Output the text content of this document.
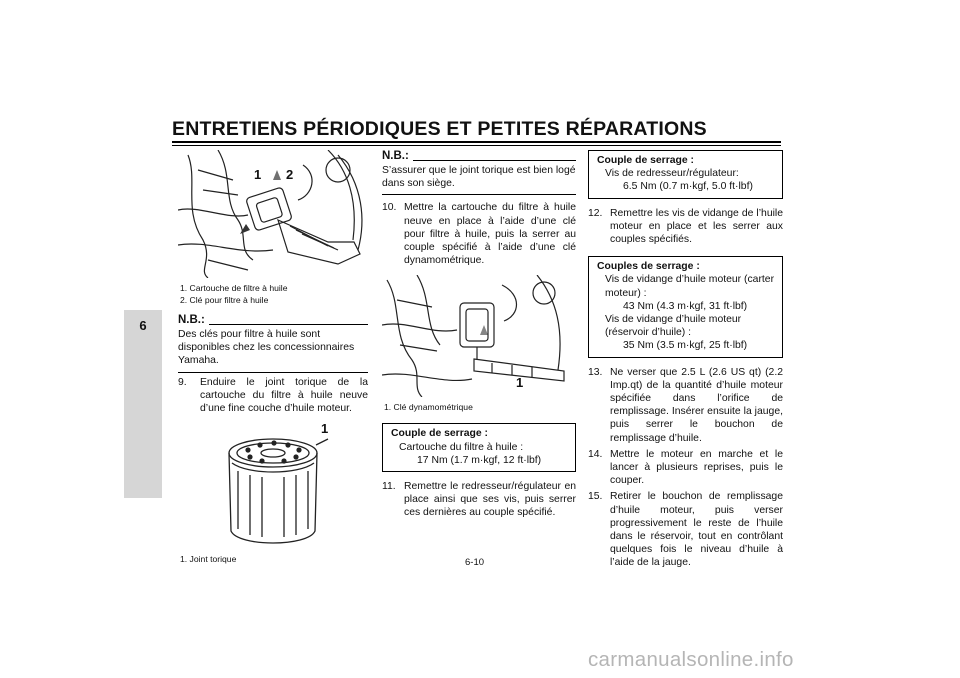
ENTRETIENS PÉRIODIQUES ET PETITES RÉPARATIONS
6
1 2
1. Cartouche de filtre à huile
2. Clé pour filtre à huile
N.B.:
Des clés pour filtre à huile sont disponibles chez les concessionnaires Yamaha.
9.	Enduire le joint torique de la cartouche du filtre à huile neuve d’une fine couche d’huile moteur.
1
1. Joint torique
N.B.:
S’assurer que le joint torique est bien logé dans son siège.
10. Mettre la cartouche du filtre à huile neuve en place à l’aide d’une clé pour filtre à huile, puis la serrer au couple spécifié à l’aide d’une clé dynamométrique.
1
1. Clé dynamométrique
Couple de serrage :
Cartouche du filtre à huile :
17 Nm (1.7 m·kgf, 12 ft·lbf)
11. Remettre le redresseur/régulateur en place ainsi que ses vis, puis serrer ces dernières au couple spécifié.
Couple de serrage :
Vis de redresseur/régulateur:
6.5 Nm (0.7 m·kgf, 5.0 ft·lbf)
12. Remettre les vis de vidange de l’huile moteur en place et les serrer aux couples spécifiés.
Couples de serrage :
Vis de vidange d’huile moteur (carter moteur) :
43 Nm (4.3 m·kgf, 31 ft·lbf)
Vis de vidange d’huile moteur (réservoir d’huile) :
35 Nm (3.5 m·kgf, 25 ft·lbf)
13. Ne verser que 2.5 L (2.6 US qt) (2.2 Imp.qt) de la quantité d’huile moteur spécifiée dans l’orifice de remplissage. Insérer ensuite la jauge, puis serrer le bouchon de remplissage d’huile.
14. Mettre le moteur en marche et le lancer à plusieurs reprises, puis le couper.
15. Retirer le bouchon de remplissage d’huile moteur, puis verser progressivement le reste de l’huile dans le réservoir, tout en contrôlant quelques fois le niveau d’huile à l’aide de la jauge.
6-10
carmanualsonline.info
